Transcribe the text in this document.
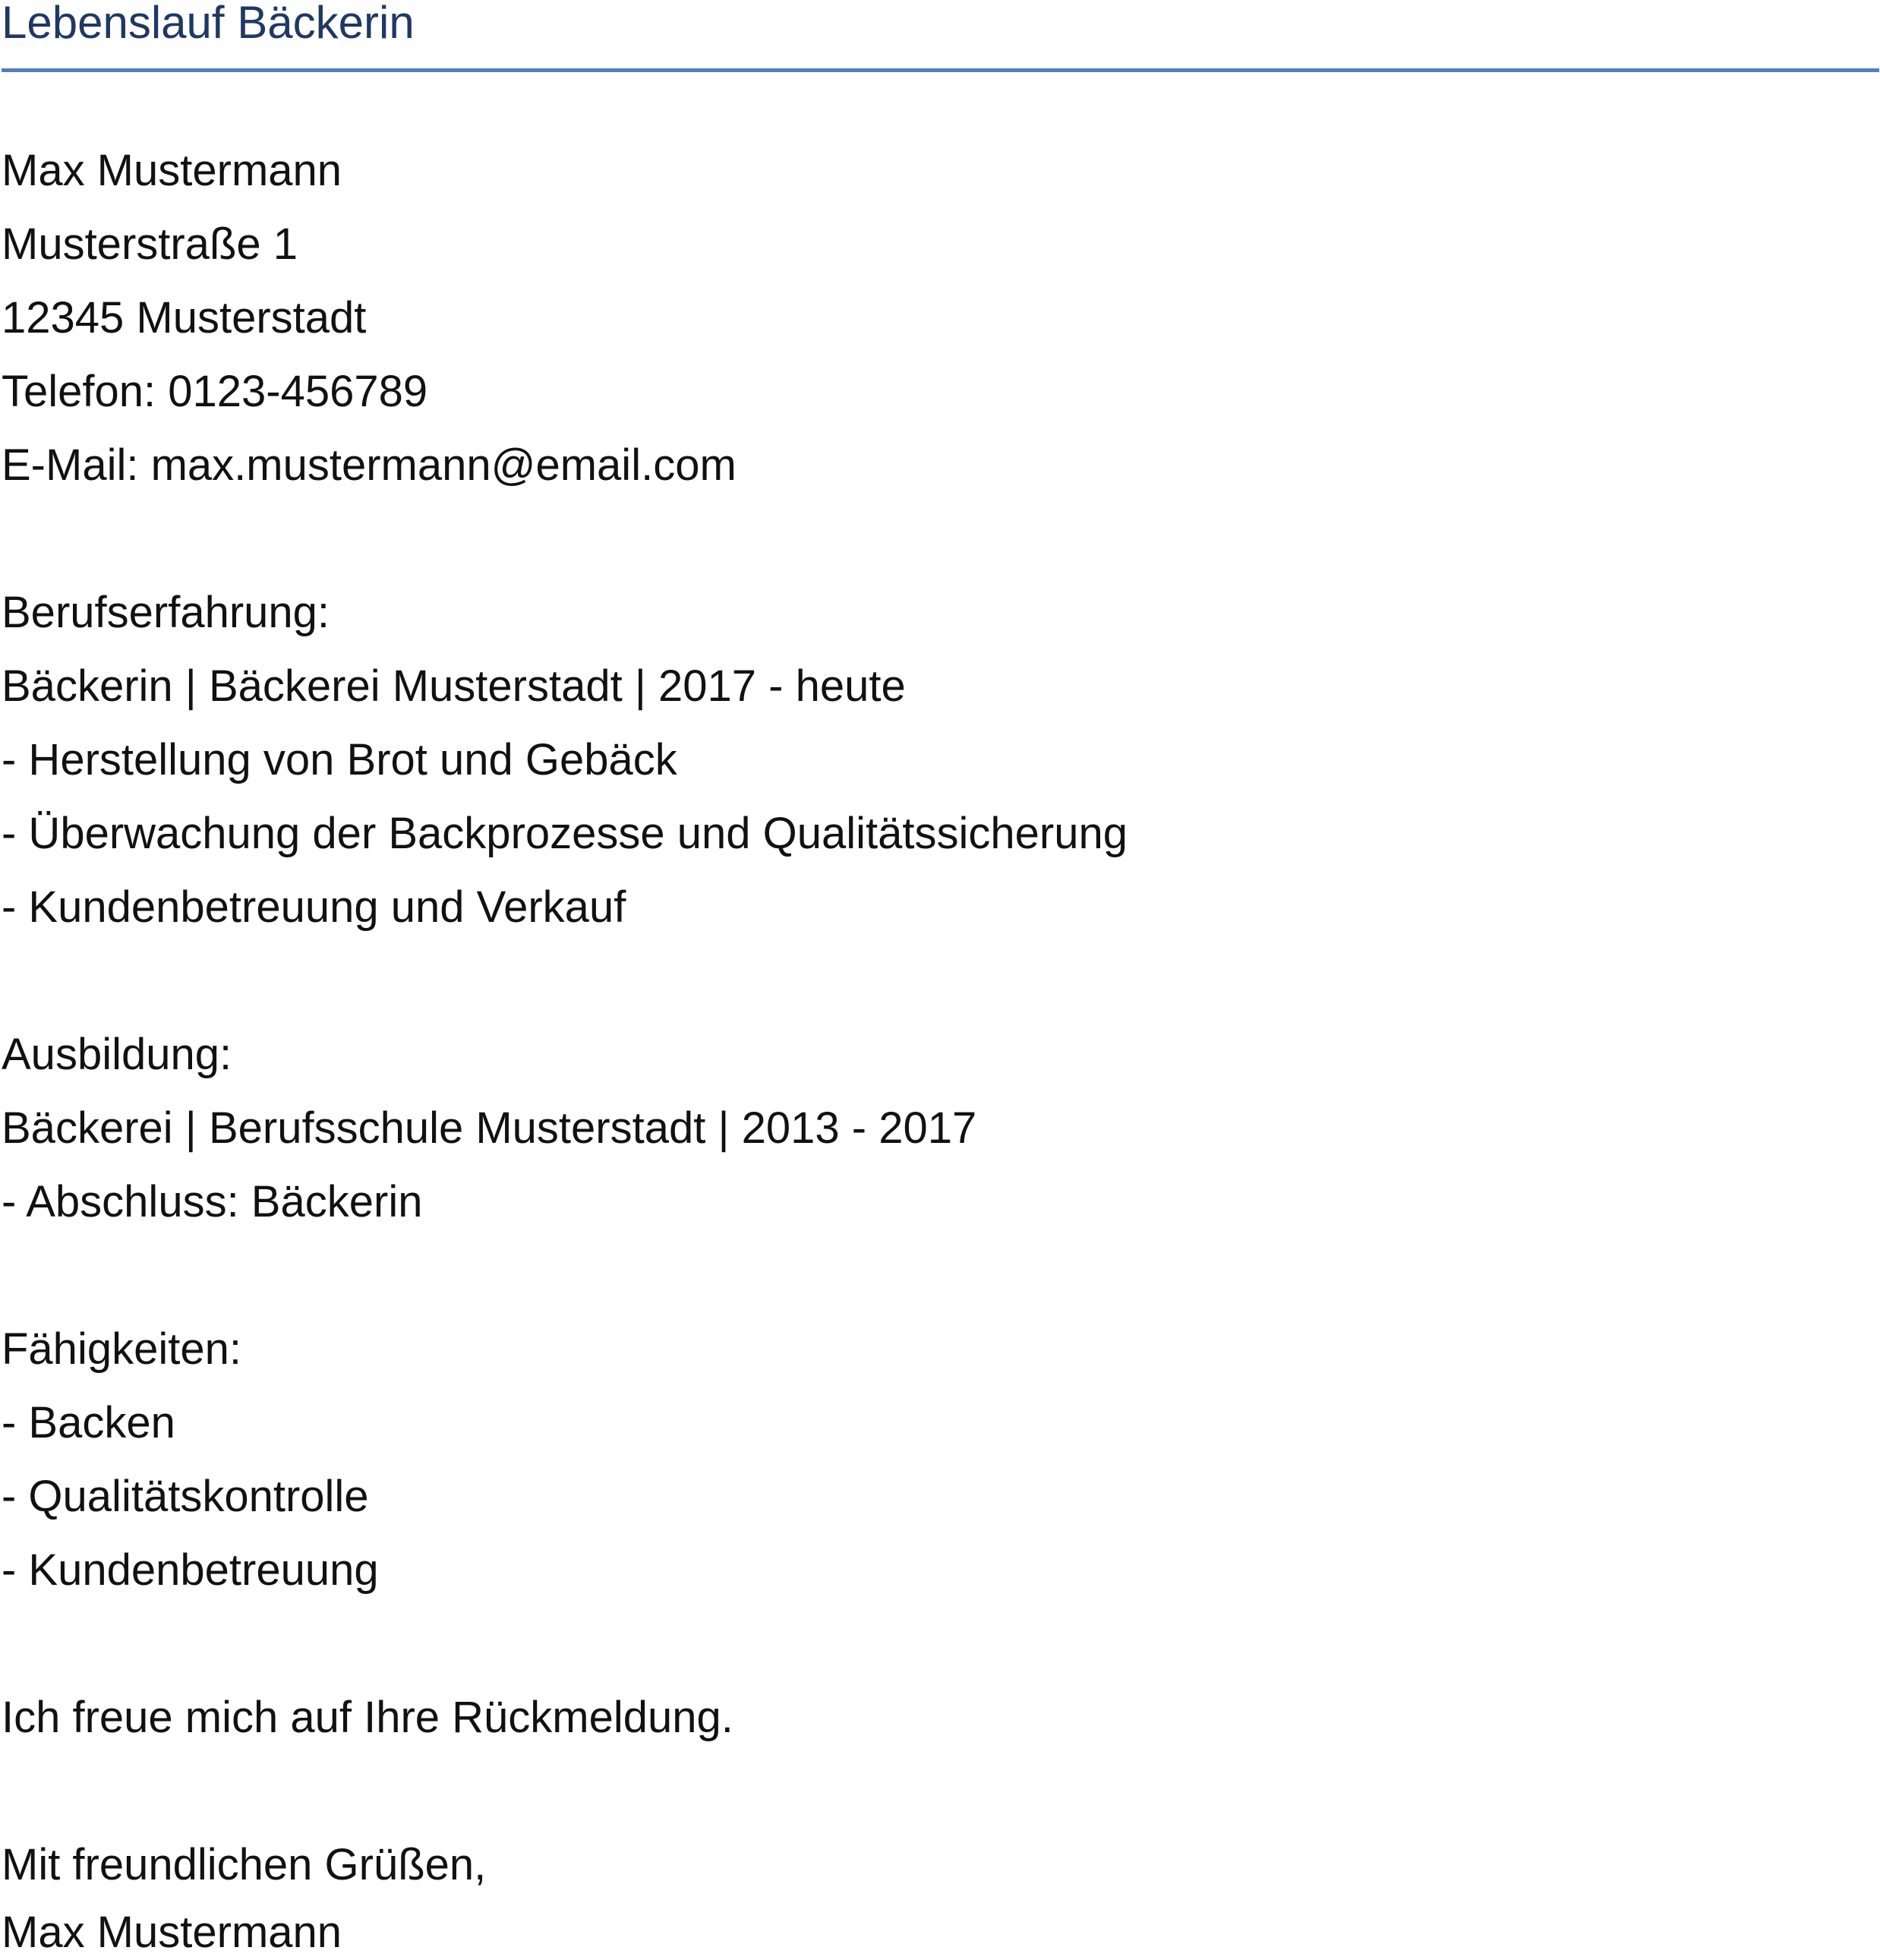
Lebenslauf Bäckerin

Max Mustermann

Musterstraße 1

12345 Musterstadt

Telefon: 0123-456789

E-Mail: max.mustermann@email.com

Berufserfahrung:

Bäckerin | Bäckerei Musterstadt | 2017 - heute

- Herstellung von Brot und Gebäck

- Überwachung der Backprozesse und Qualitätssicherung

- Kundenbetreuung und Verkauf

Ausbildung:

Bäckerei | Berufsschule Musterstadt | 2013 - 2017

- Abschluss: Bäckerin

Fähigkeiten:

- Backen

- Qualitätskontrolle

- Kundenbetreuung

Ich freue mich auf Ihre Rückmeldung.

Mit freundlichen Grüßen,

Max Mustermann
